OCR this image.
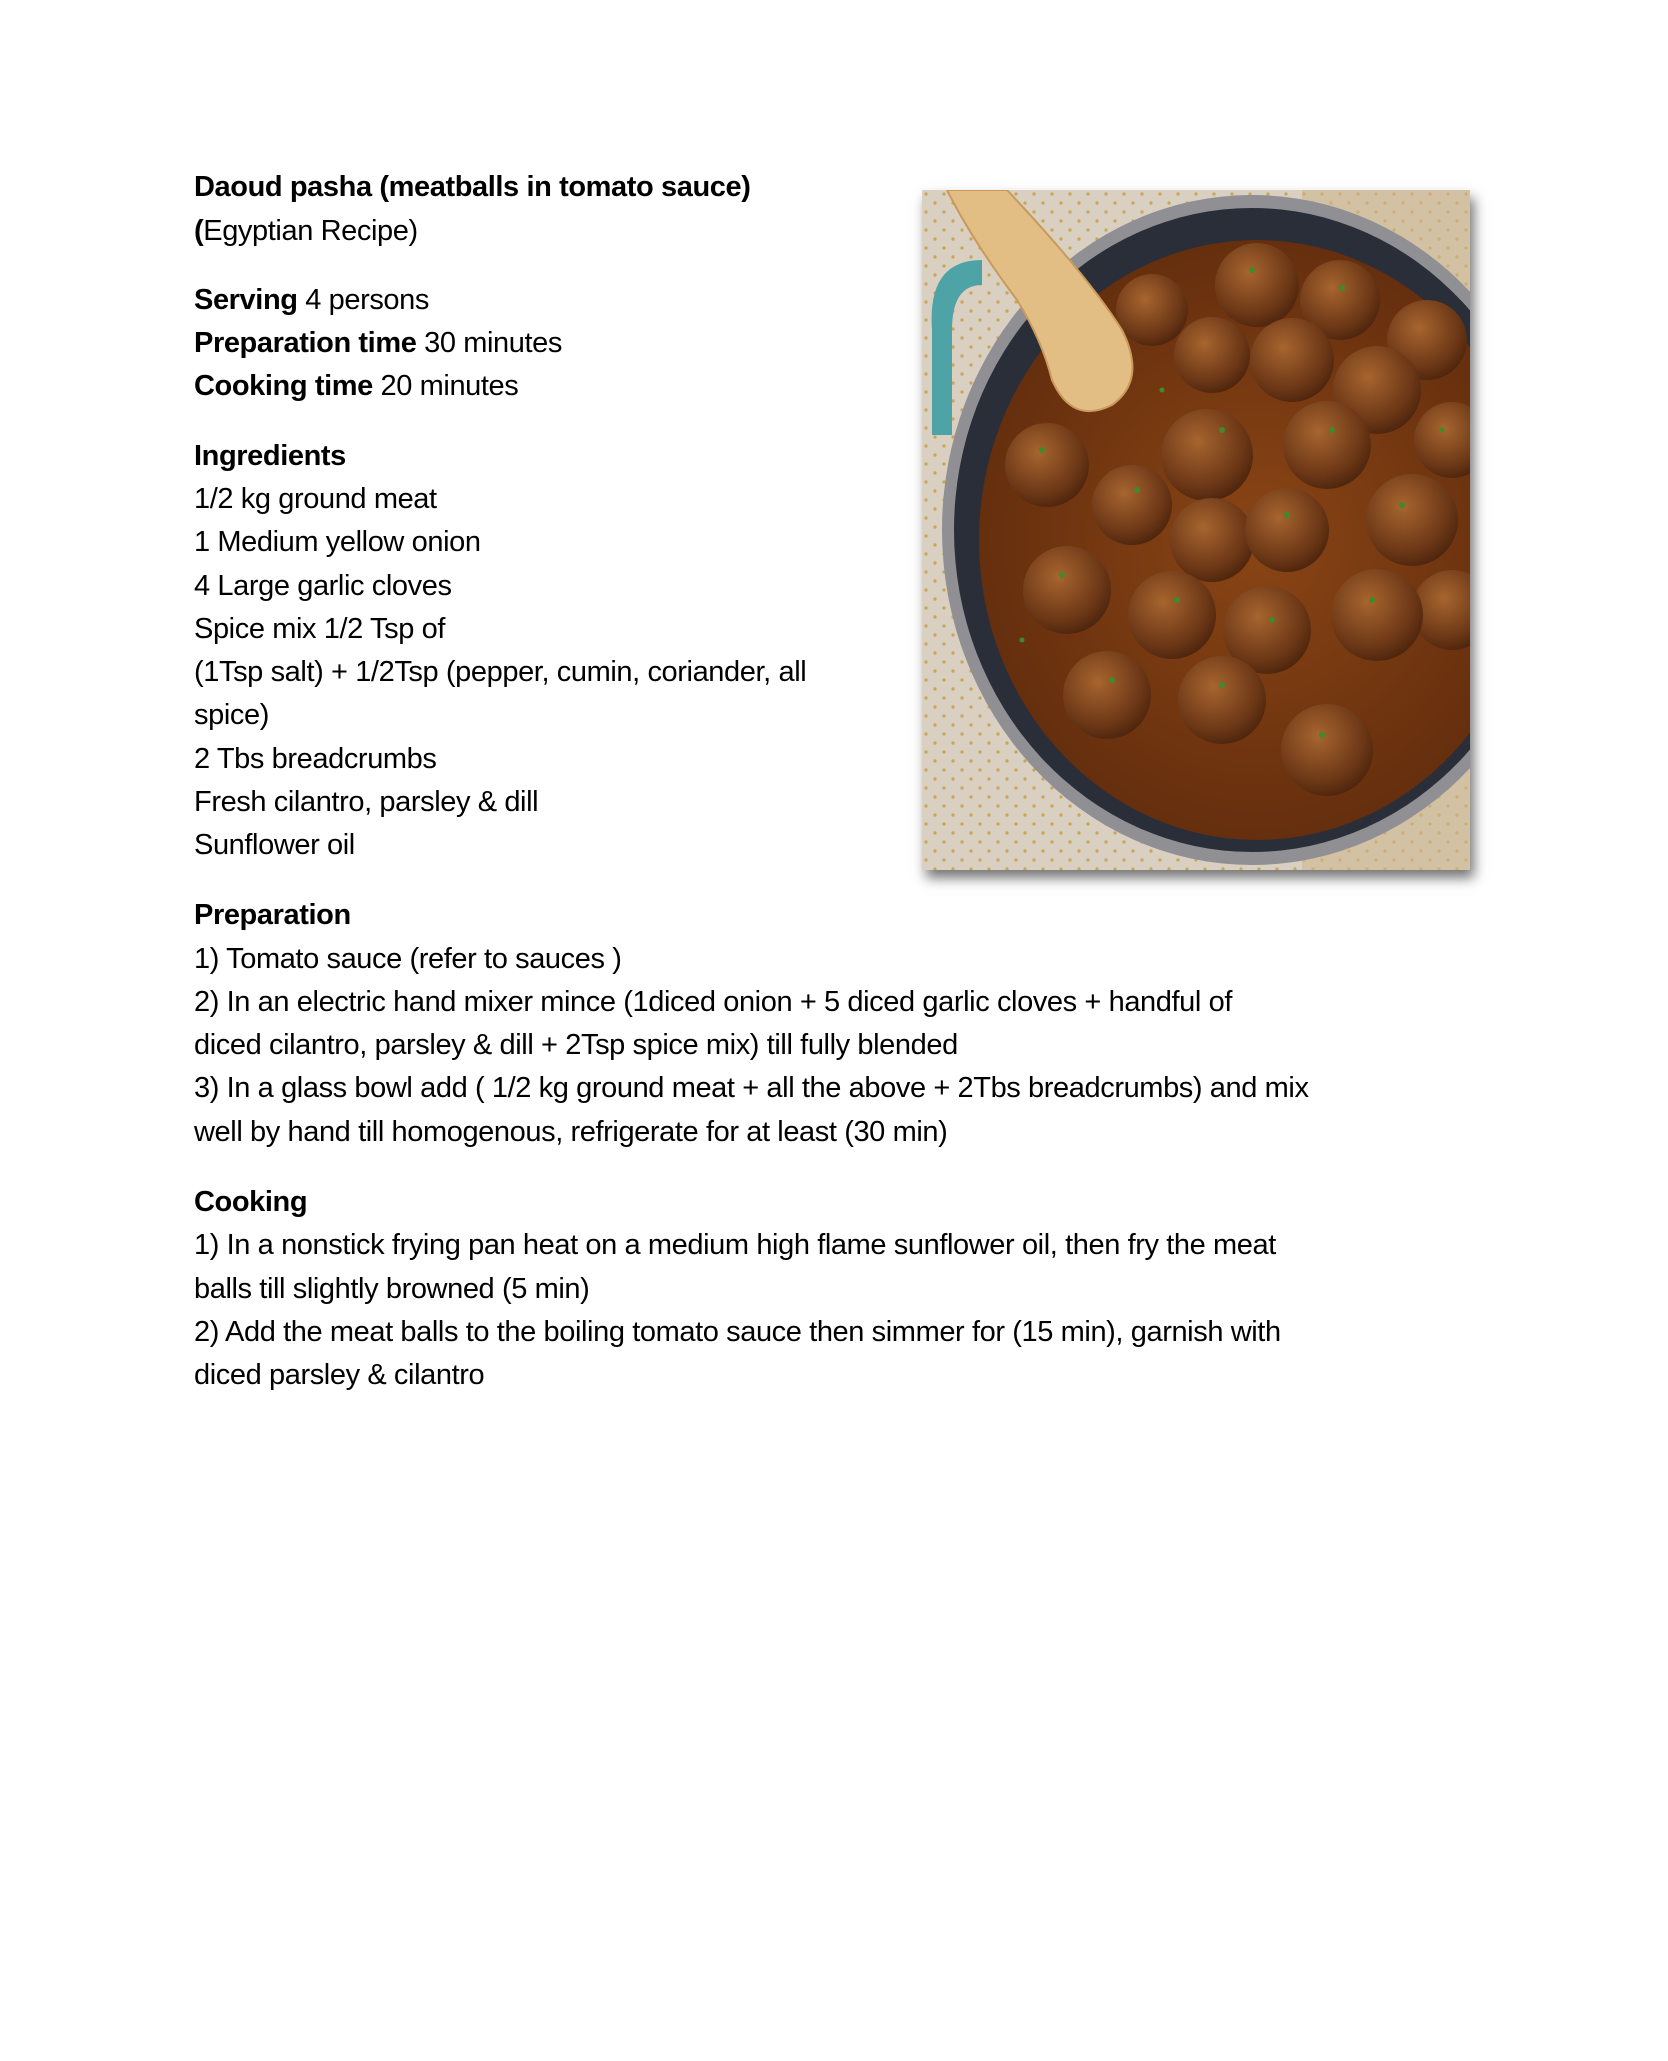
Daoud pasha (meatballs in tomato sauce)
(Egyptian Recipe)
Serving 4 persons
Preparation time 30 minutes
Cooking time 20 minutes
Ingredients
1/2 kg ground meat
1 Medium yellow onion
4 Large garlic cloves
Spice mix 1/2 Tsp of
(1Tsp salt) + 1/2Tsp (pepper, cumin, coriander, all
spice)
2 Tbs breadcrumbs
Fresh cilantro, parsley & dill
Sunflower oil
Preparation
1) Tomato sauce (refer to sauces )
2) In an electric hand mixer mince (1diced onion + 5 diced garlic cloves + handful of
diced cilantro, parsley & dill + 2Tsp spice mix) till fully blended
3) In a glass bowl add ( 1/2 kg ground meat + all the above + 2Tbs breadcrumbs) and mix
well by hand till homogenous, refrigerate for at least (30 min)
Cooking
1) In a nonstick frying pan heat on a medium high flame sunflower oil, then fry the meat
balls till slightly browned (5 min)
2) Add the meat balls to the boiling tomato sauce then simmer for (15 min), garnish with
diced parsley & cilantro
